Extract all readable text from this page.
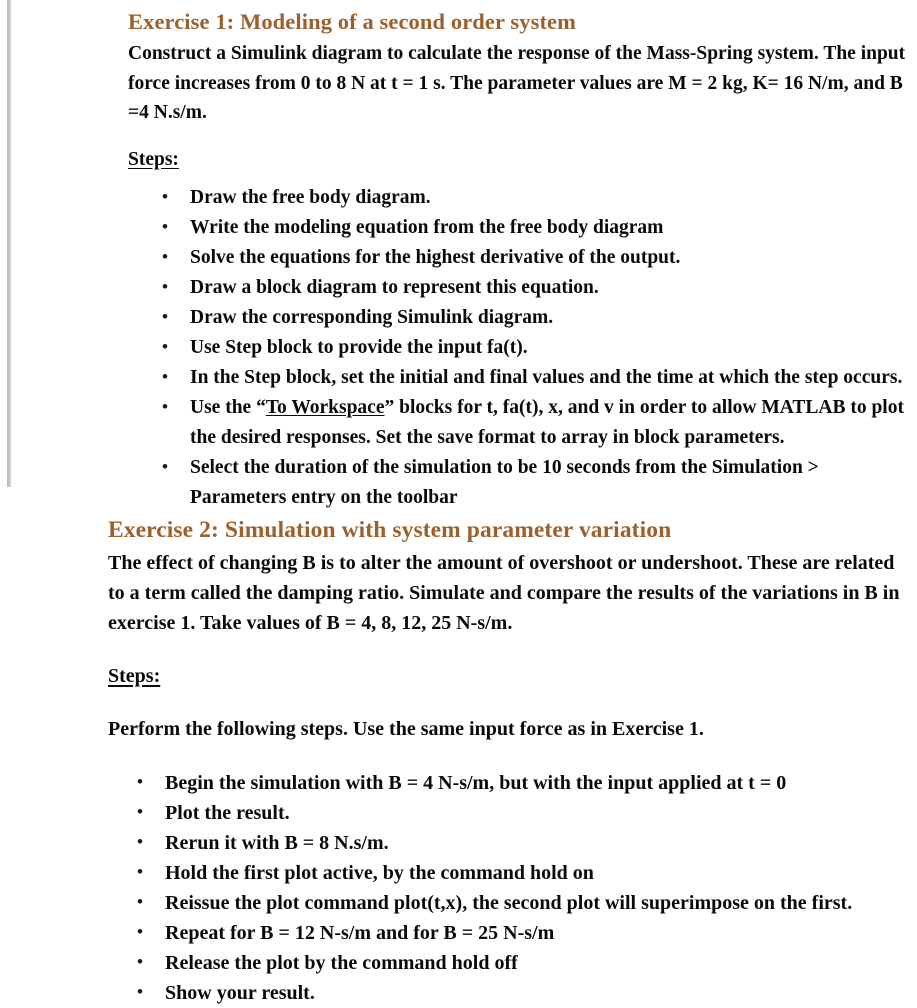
Exercise 1: Modeling of a second order system

Construct a Simulink diagram to calculate the response of the Mass-Spring system. The input force increases from 0 to 8 N at t = 1 s. The parameter values are M = 2 kg, K= 16 N/m, and B =4 N.s/m.

Steps:
• Draw the free body diagram.
• Write the modeling equation from the free body diagram
• Solve the equations for the highest derivative of the output.
• Draw a block diagram to represent this equation.
• Draw the corresponding Simulink diagram.
• Use Step block to provide the input fa(t).
• In the Step block, set the initial and final values and the time at which the step occurs.
• Use the “To Workspace” blocks for t, fa(t), x, and v in order to allow MATLAB to plot the desired responses. Set the save format to array in block parameters.
• Select the duration of the simulation to be 10 seconds from the Simulation > Parameters entry on the toolbar
Exercise 2: Simulation with system parameter variation

The effect of changing B is to alter the amount of overshoot or undershoot. These are related to a term called the damping ratio. Simulate and compare the results of the variations in B in exercise 1. Take values of B = 4, 8, 12, 25 N-s/m.

Steps:

Perform the following steps. Use the same input force as in Exercise 1.

• Begin the simulation with B = 4 N-s/m, but with the input applied at t = 0
• Plot the result.
• Rerun it with B = 8 N.s/m.
• Hold the first plot active, by the command hold on
• Reissue the plot command plot(t,x), the second plot will superimpose on the first.
• Repeat for B = 12 N-s/m and for B = 25 N-s/m
• Release the plot by the command hold off
• Show your result.
